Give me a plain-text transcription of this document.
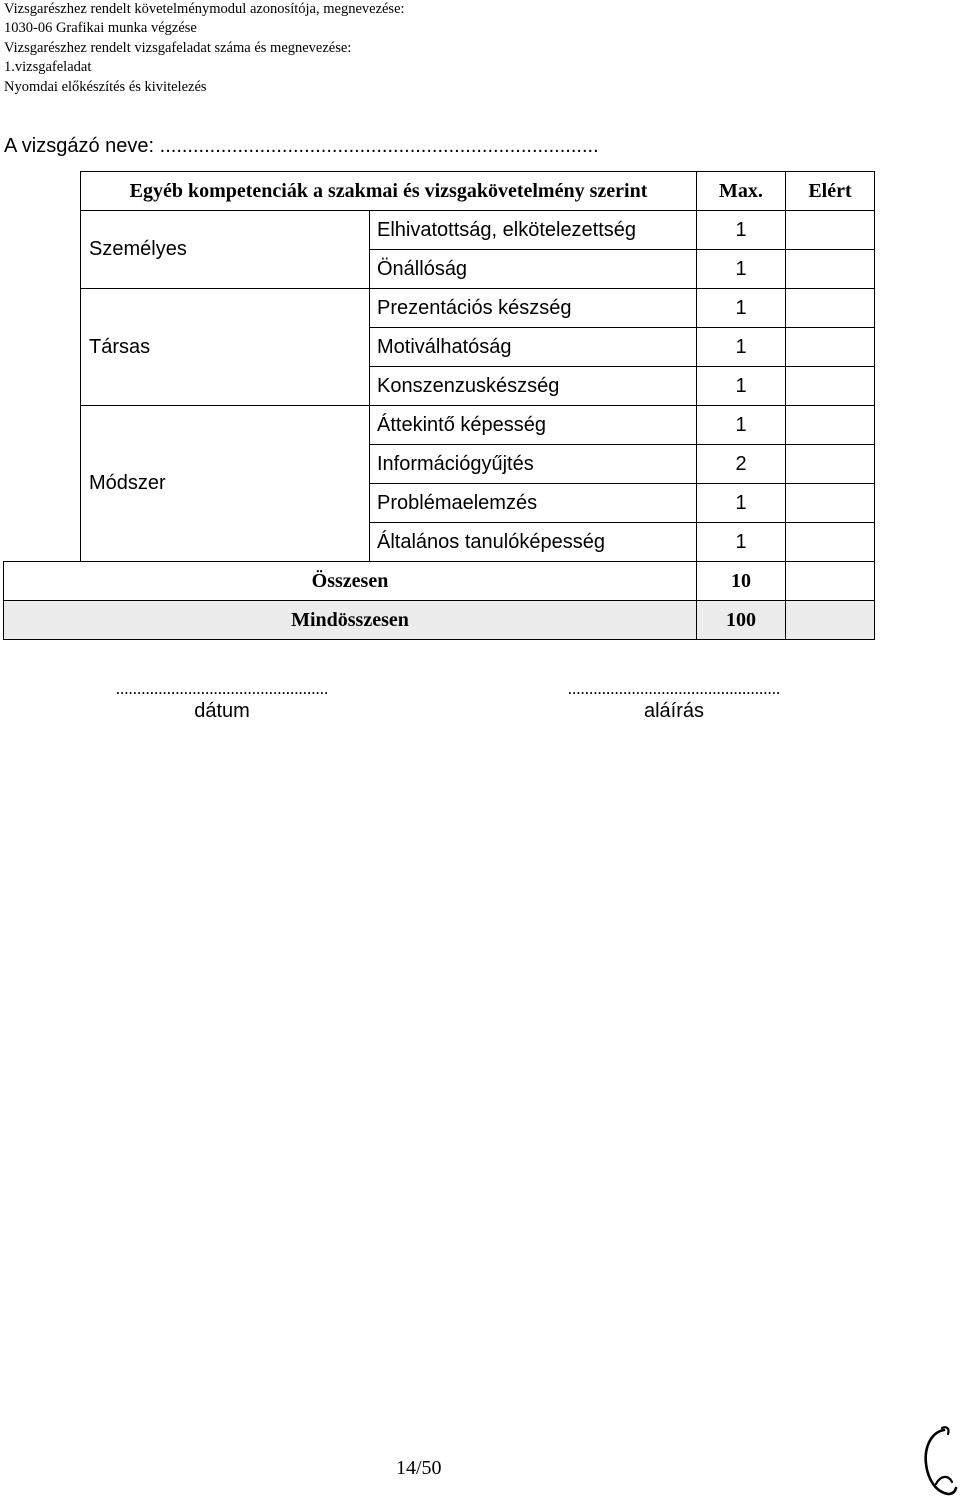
Vizsgarészhez rendelt követelménymodul azonosítója, megnevezése:
1030-06 Grafikai munka végzése
Vizsgarészhez rendelt vizsgafeladat száma és megnevezése:
1.vizsgafeladat
Nyomdai előkészítés és kivitelezés
A vizsgázó neve: ...............................................................................
	Egyéb kompetenciák a szakmai és vizsgakövetelmény szerint		Max.	Elért
	Személyes	Elhivatottság, elkötelezettség	1	
		Önállóság	1	
	Társas	Prezentációs készség	1	
		Motiválhatóság	1	
		Konszenzuskészség	1	
	Módszer	Áttekintő képesség	1	
		Információgyűjtés	2	
		Problémaelemzés	1	
		Általános tanulóképesség	1	
Összesen			10	
Mindösszesen			100	
..................................................
dátum
..................................................
aláírás
14/50
